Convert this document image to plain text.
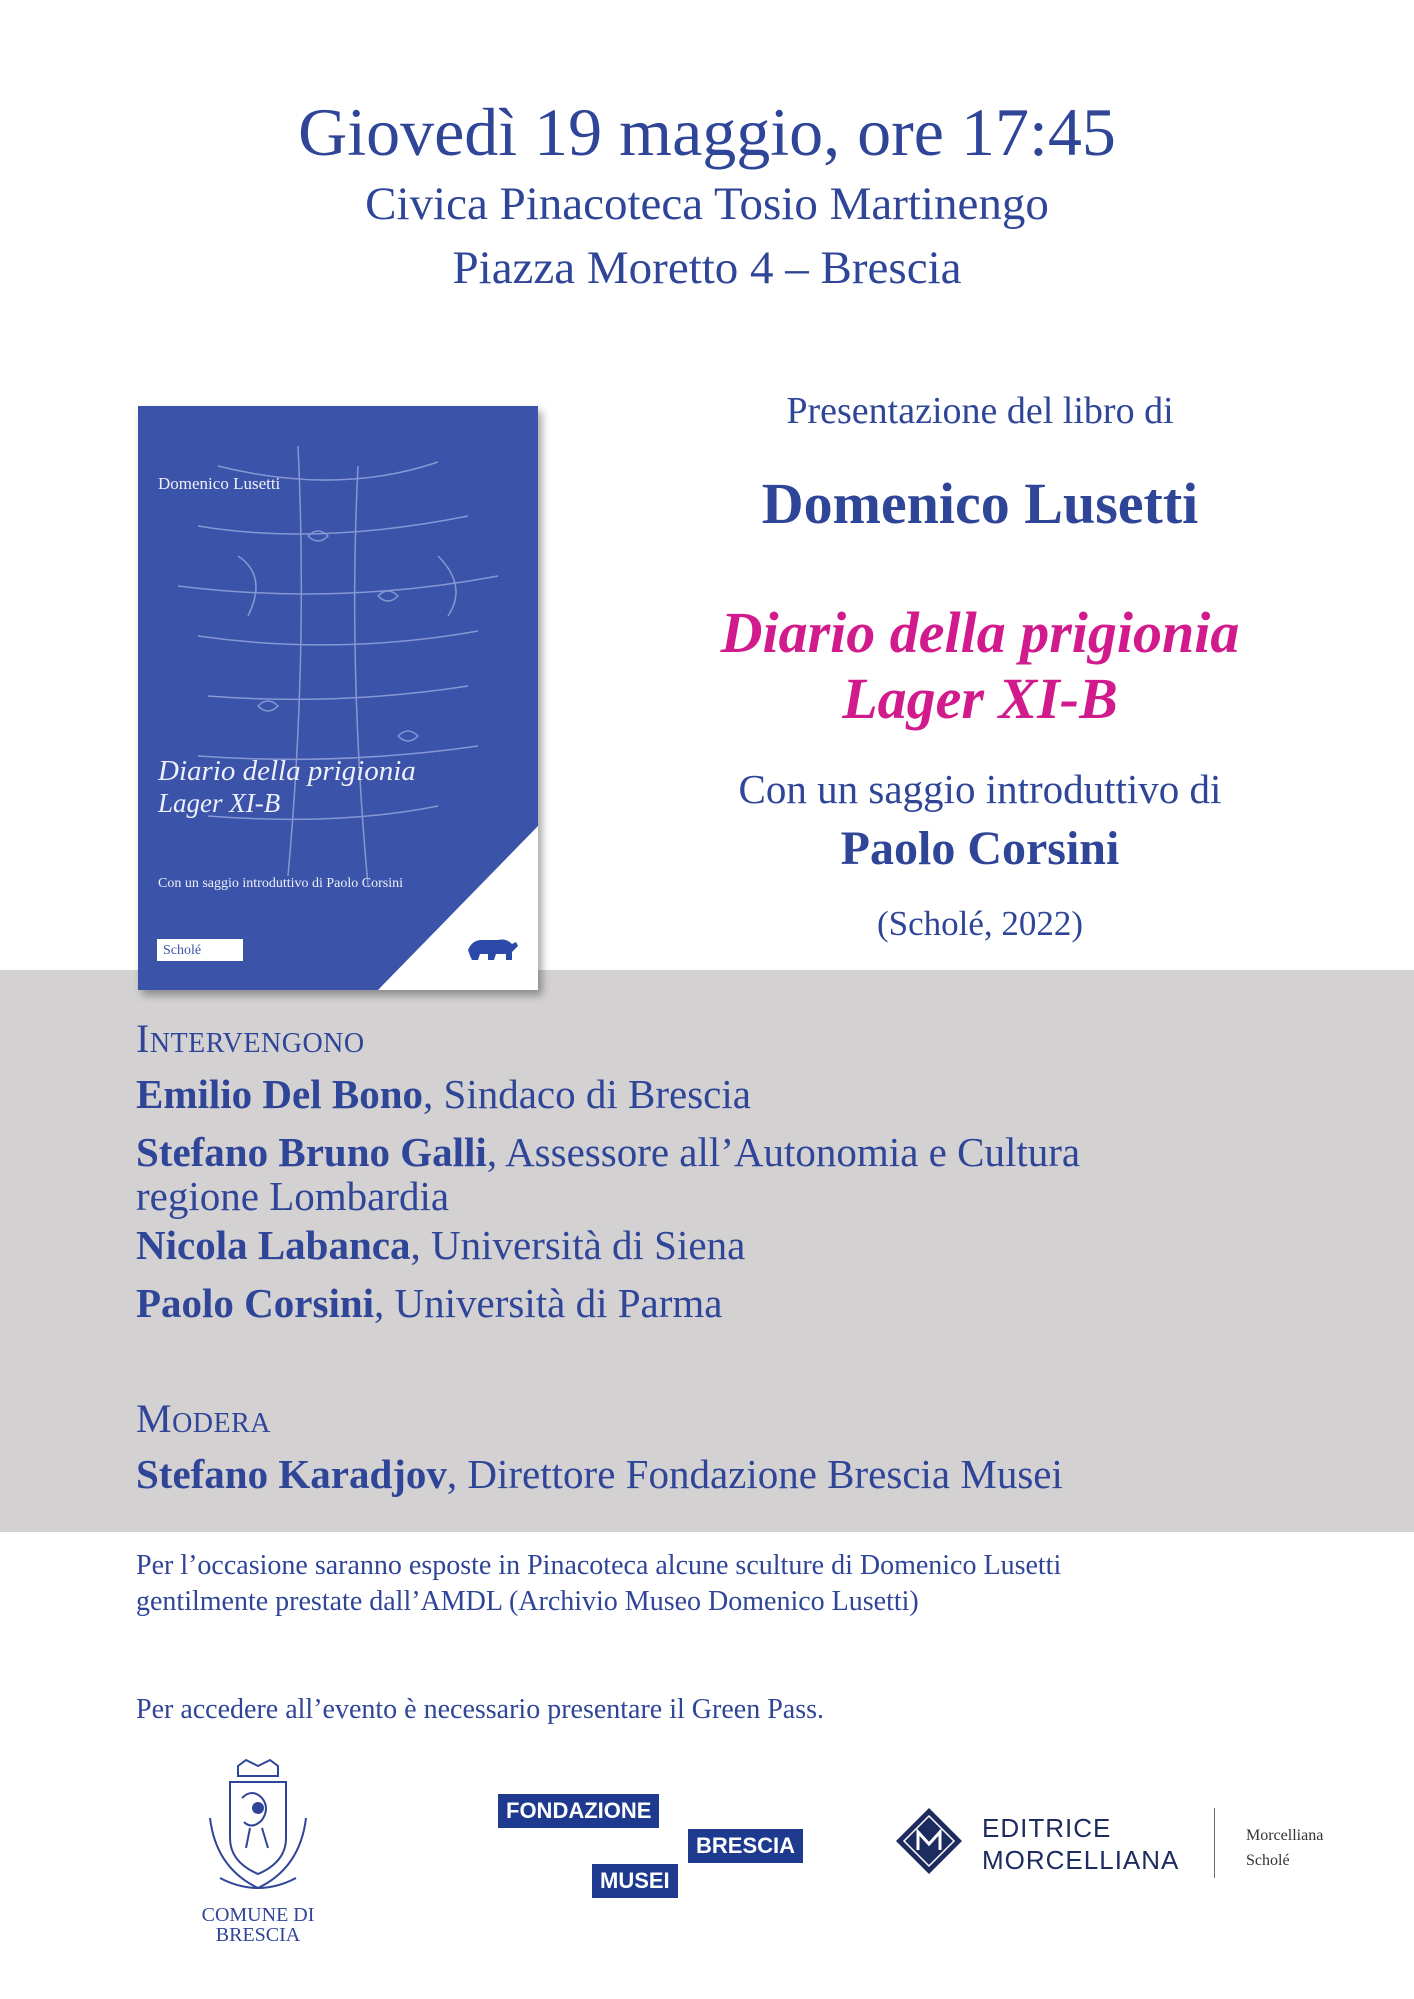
Giovedì 19 maggio, ore 17:45
Civica Pinacoteca Tosio Martinengo
Piazza Moretto 4 – Brescia
Domenico Lusetti
Diario della prigionia
Lager XI-B
Con un saggio introduttivo di Paolo Corsini
Scholé
Presentazione del libro di
Domenico Lusetti
Diario della prigionia
Lager XI-B
Con un saggio introduttivo di
Paolo Corsini
(Scholé, 2022)
Intervengono
Emilio Del Bono, Sindaco di Brescia
Stefano Bruno Galli, Assessore all’Autonomia e Cultura
regione Lombardia
Nicola Labanca, Università di Siena
Paolo Corsini, Università di Parma
Modera
Stefano Karadjov, Direttore Fondazione Brescia Musei
Per l’occasione saranno esposte in Pinacoteca alcune sculture di Domenico Lusetti
gentilmente prestate dall’AMDL (Archivio Museo Domenico Lusetti)
Per accedere all’evento è necessario presentare il Green Pass.
COMUNE DI
BRESCIA
FONDAZIONE
BRESCIA
MUSEI
EDITRICE
MORCELLIANA
Morcelliana
Scholé
